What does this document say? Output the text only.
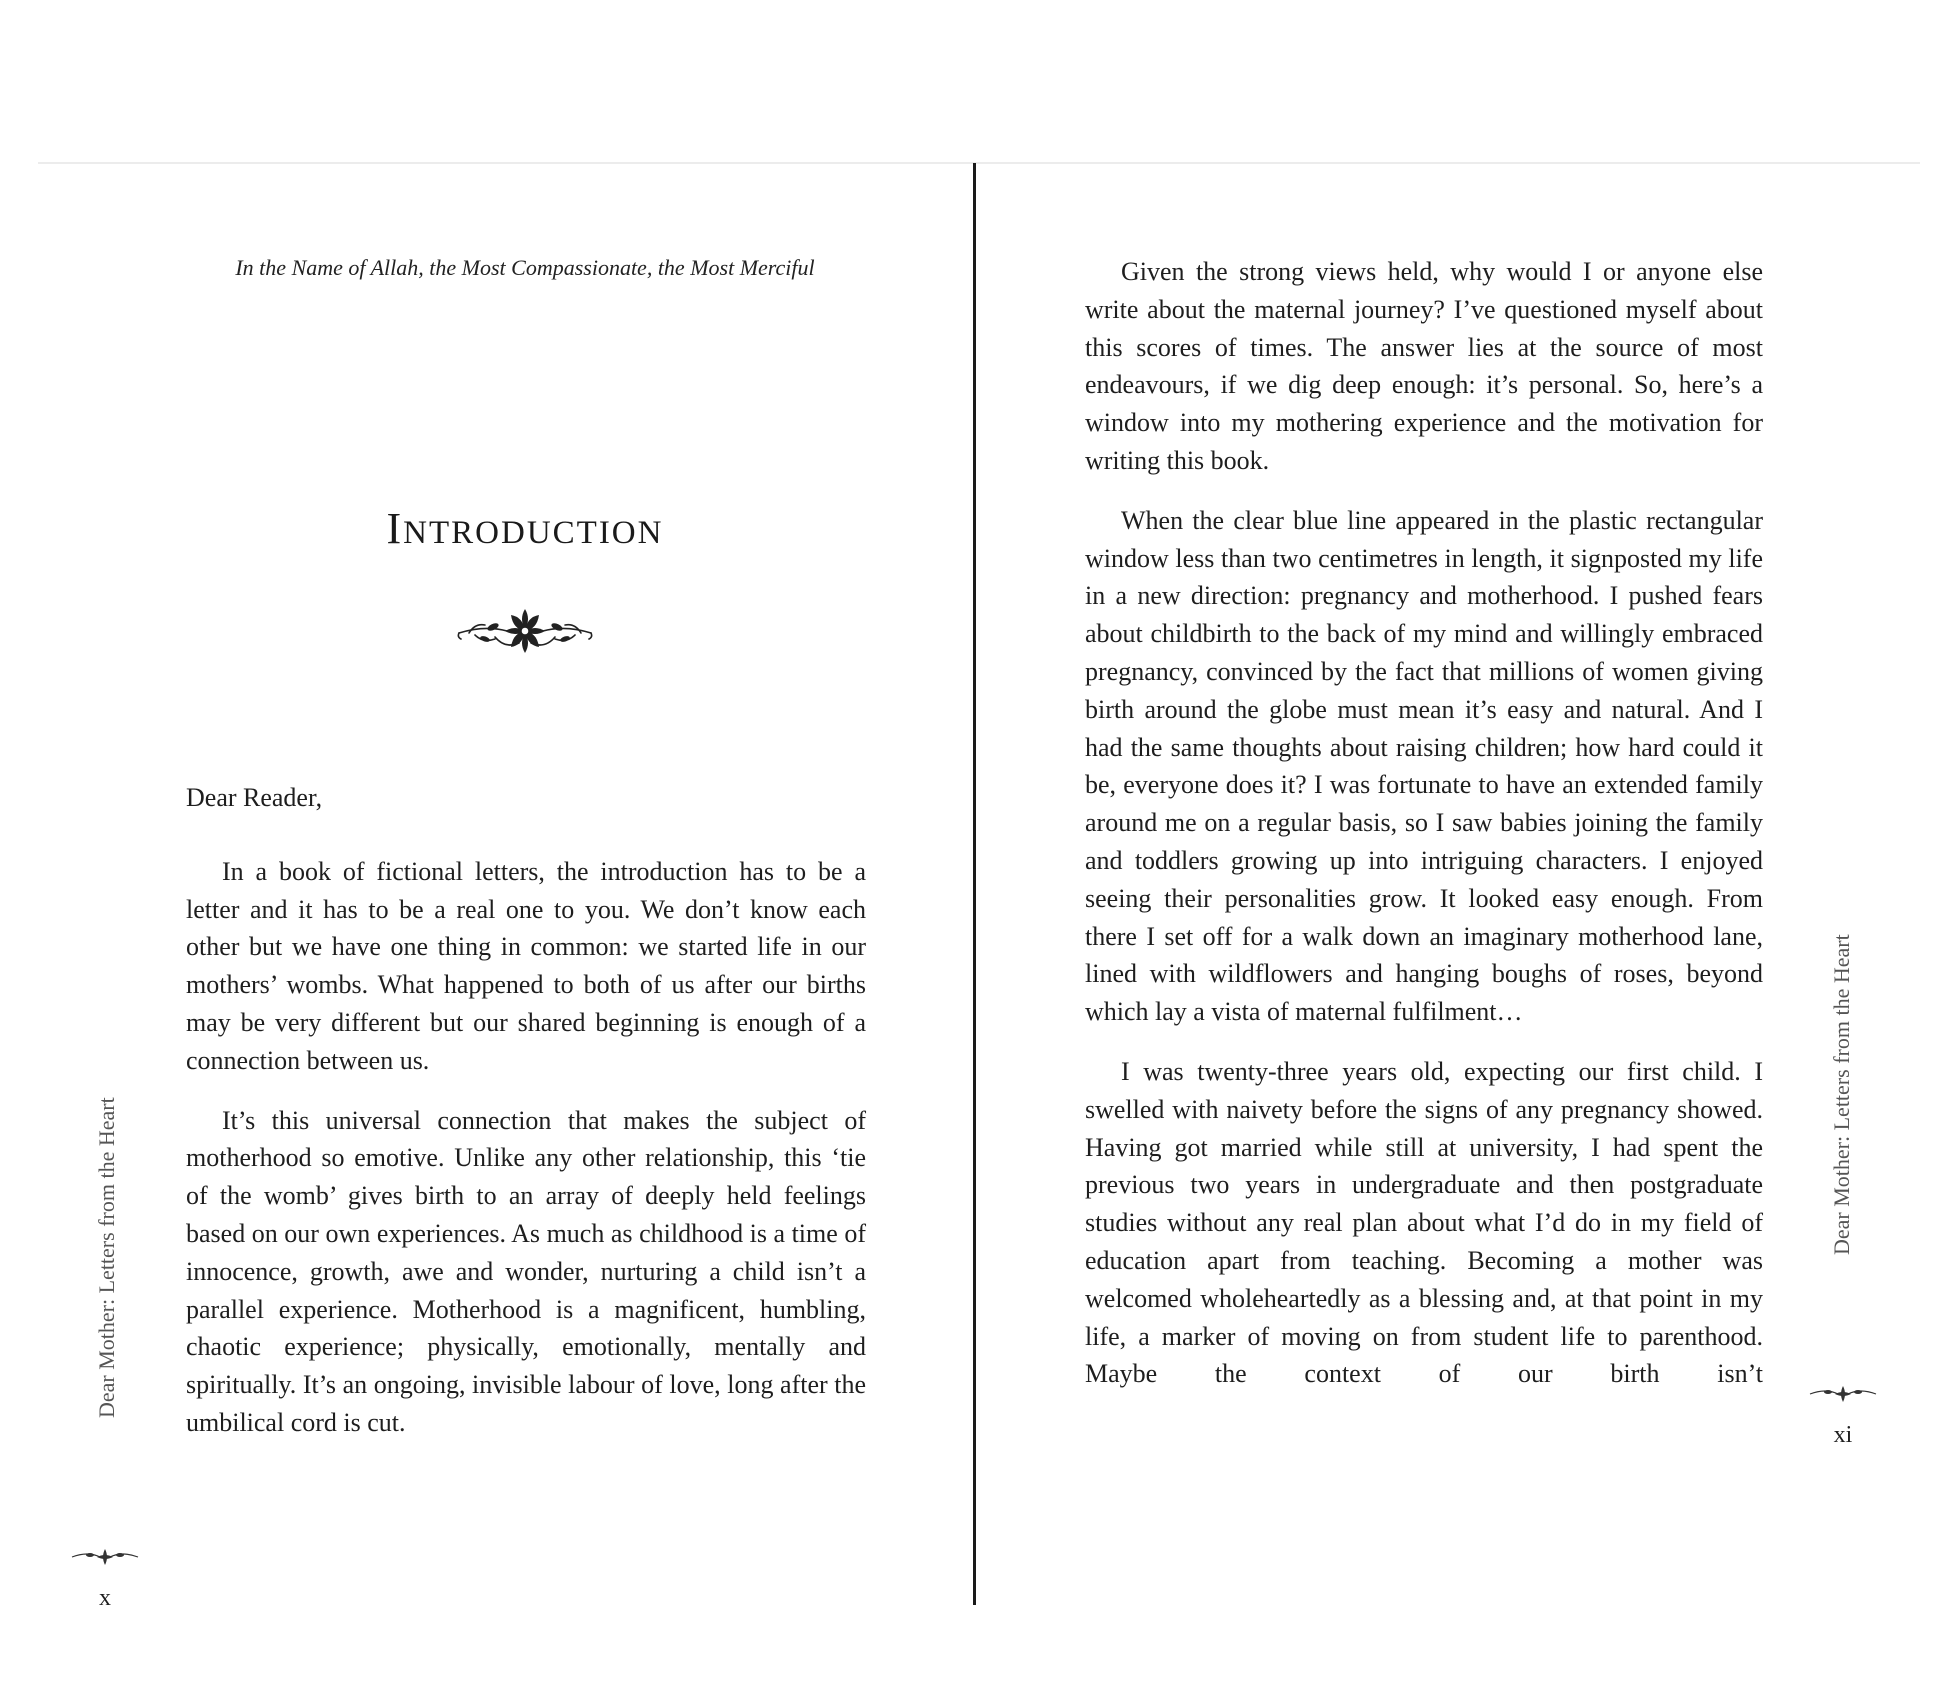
In the Name of Allah, the Most Compassionate, the Most Merciful
INTRODUCTION

Dear Reader,

In a book of fictional letters, the introduction has to be a letter and it has to be a real one to you. We don’t know each other but we have one thing in common: we started life in our mothers’ wombs. What happened to both of us after our births may be very different but our shared beginning is enough of a connection between us.

It’s this universal connection that makes the subject of motherhood so emotive. Unlike any other relationship, this ‘tie of the womb’ gives birth to an array of deeply held feelings based on our own experiences. As much as childhood is a time of innocence, growth, awe and wonder, nurturing a child isn’t a parallel experience. Motherhood is a magnificent, humbling, chaotic experience; physically, emotionally, mentally and spiritually. It’s an ongoing, invisible labour of love, long after the umbilical cord is cut.

Dear Mother: Letters from the Heart
x

Given the strong views held, why would I or anyone else write about the maternal journey? I’ve questioned myself about this scores of times. The answer lies at the source of most endeavours, if we dig deep enough: it’s personal. So, here’s a window into my mothering experience and the motivation for writing this book.

When the clear blue line appeared in the plastic rectangular window less than two centimetres in length, it signposted my life in a new direction: pregnancy and motherhood. I pushed fears about childbirth to the back of my mind and willingly embraced pregnancy, convinced by the fact that millions of women giving birth around the globe must mean it’s easy and natural. And I had the same thoughts about raising children; how hard could it be, everyone does it? I was fortunate to have an extended family around me on a regular basis, so I saw babies joining the family and toddlers growing up into intriguing characters. I enjoyed seeing their personalities grow. It looked easy enough. From there I set off for a walk down an imaginary motherhood lane, lined with wildflowers and hanging boughs of roses, beyond which lay a vista of maternal fulfilment…

I was twenty-three years old, expecting our first child. I swelled with naivety before the signs of any pregnancy showed. Having got married while still at university, I had spent the previous two years in undergraduate and then postgraduate studies without any real plan about what I’d do in my field of education apart from teaching. Becoming a mother was welcomed wholeheartedly as a blessing and, at that point in my life, a marker of moving on from student life to parenthood. Maybe the context of our birth isn’t

Dear Mother: Letters from the Heart
xi
